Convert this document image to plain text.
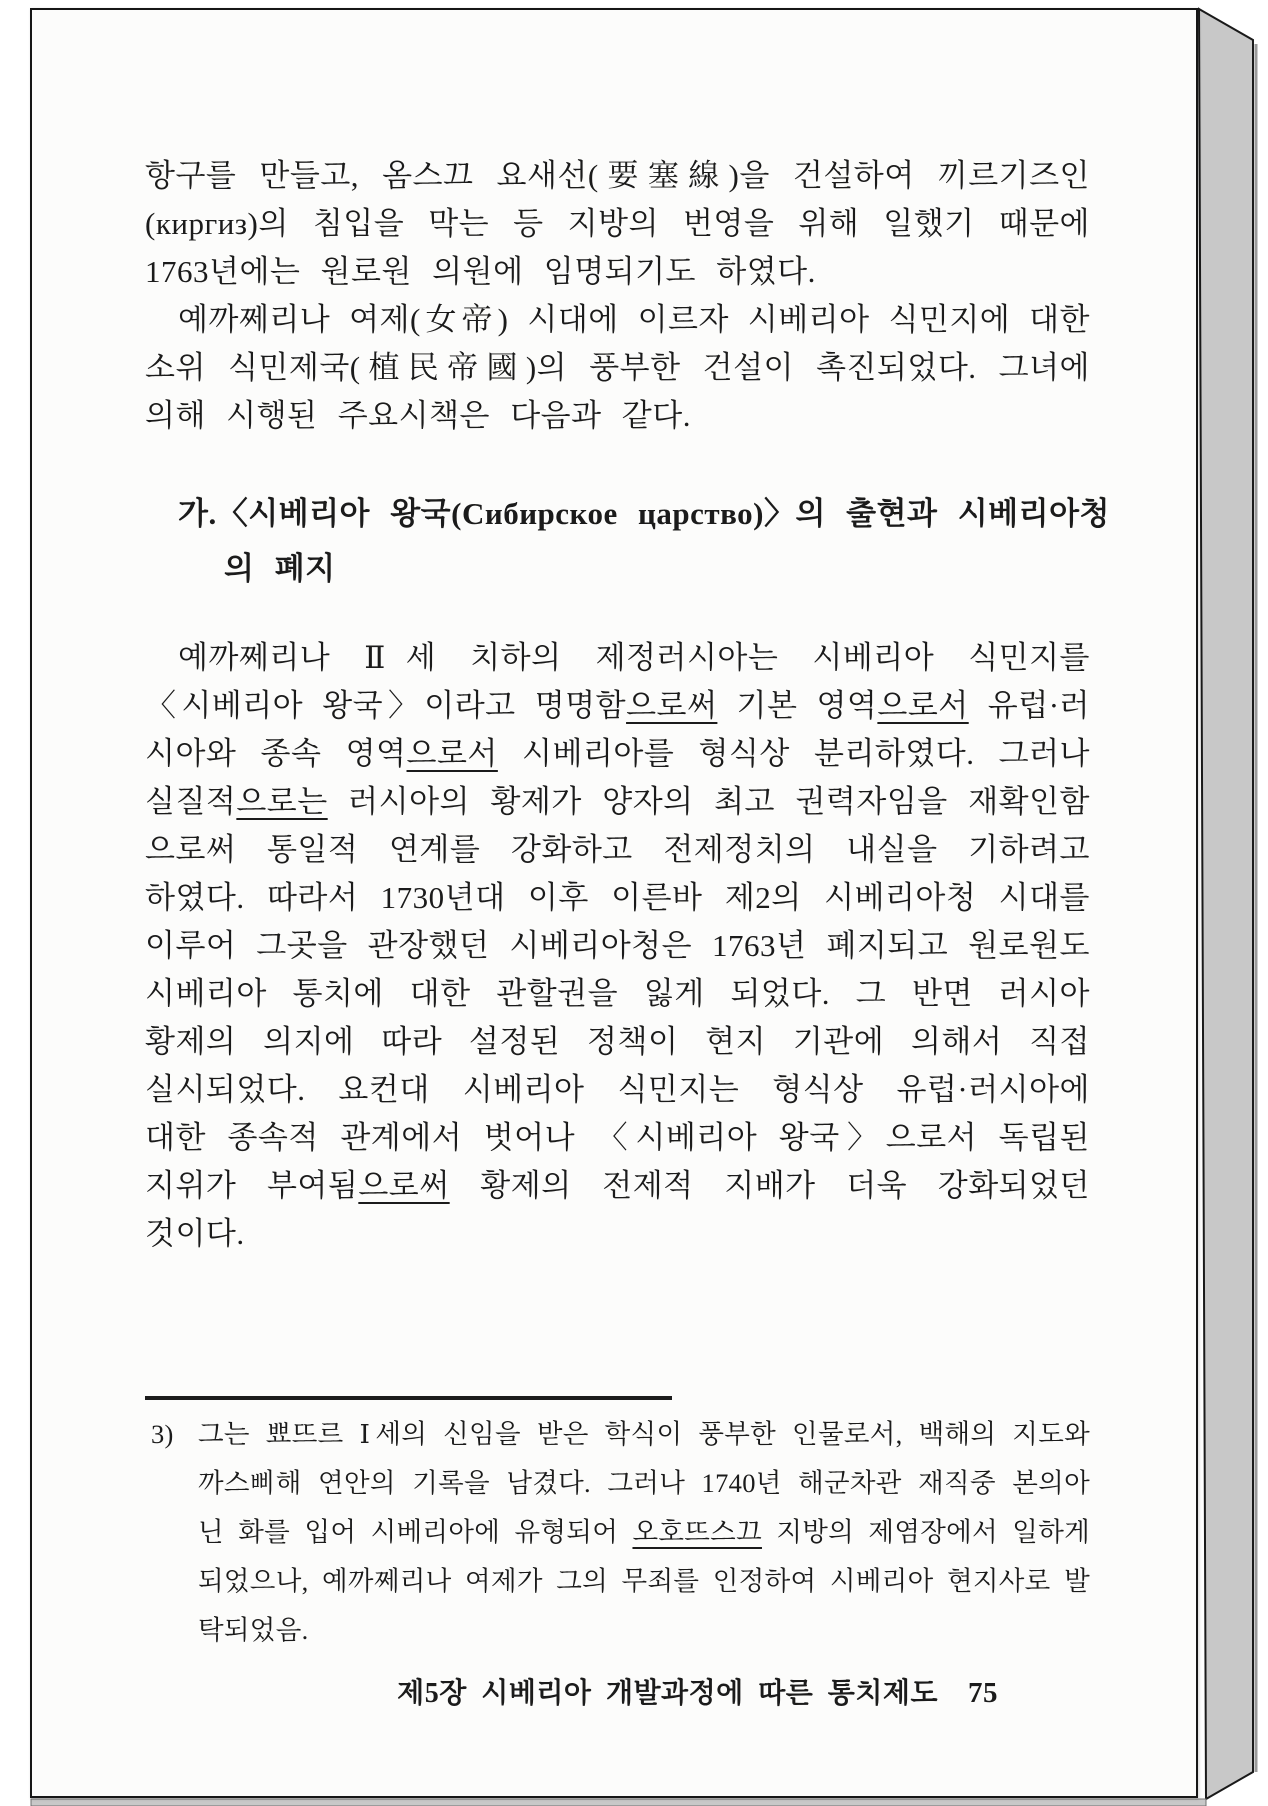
항구를 만들고, 옴스끄 요새선(要塞線)을 건설하여 끼르기즈인
(киргиз)의 침입을 막는 등 지방의 번영을 위해 일했기 때문에
1763년에는 원로원 의원에 임명되기도 하였다.
예까쩨리나 여제(女帝) 시대에 이르자 시베리아 식민지에 대한
소위 식민제국(植民帝國)의 풍부한 건설이 촉진되었다. 그녀에
의해 시행된 주요시책은 다음과 같다.
가.〈시베리아 왕국(Сибирское царство)〉의 출현과 시베리아청
의 폐지
예까쩨리나 Ⅱ세 치하의 제정러시아는 시베리아 식민지를
〈시베리아 왕국〉이라고 명명함으로써 기본 영역으로서 유럽·러
시아와 종속 영역으로서 시베리아를 형식상 분리하였다. 그러나
실질적으로는 러시아의 황제가 양자의 최고 권력자임을 재확인함
으로써 통일적 연계를 강화하고 전제정치의 내실을 기하려고
하였다. 따라서 1730년대 이후 이른바 제2의 시베리아청 시대를
이루어 그곳을 관장했던 시베리아청은 1763년 폐지되고 원로원도
시베리아 통치에 대한 관할권을 잃게 되었다. 그 반면 러시아
황제의 의지에 따라 설정된 정책이 현지 기관에 의해서 직접
실시되었다. 요컨대 시베리아 식민지는 형식상 유럽·러시아에
대한 종속적 관계에서 벗어나 〈시베리아 왕국〉으로서 독립된
지위가 부여됨으로써 황제의 전제적 지배가 더욱 강화되었던
것이다.
3) 그는 뾰뜨르 Ⅰ세의 신임을 받은 학식이 풍부한 인물로서, 백해의 지도와
까스삐해 연안의 기록을 남겼다. 그러나 1740년 해군차관 재직중 본의아
닌 화를 입어 시베리아에 유형되어 오호뜨스끄 지방의 제염장에서 일하게
되었으나, 예까쩨리나 여제가 그의 무죄를 인정하여 시베리아 현지사로 발
탁되었음.
제5장 시베리아 개발과정에 따른 통치제도 75
